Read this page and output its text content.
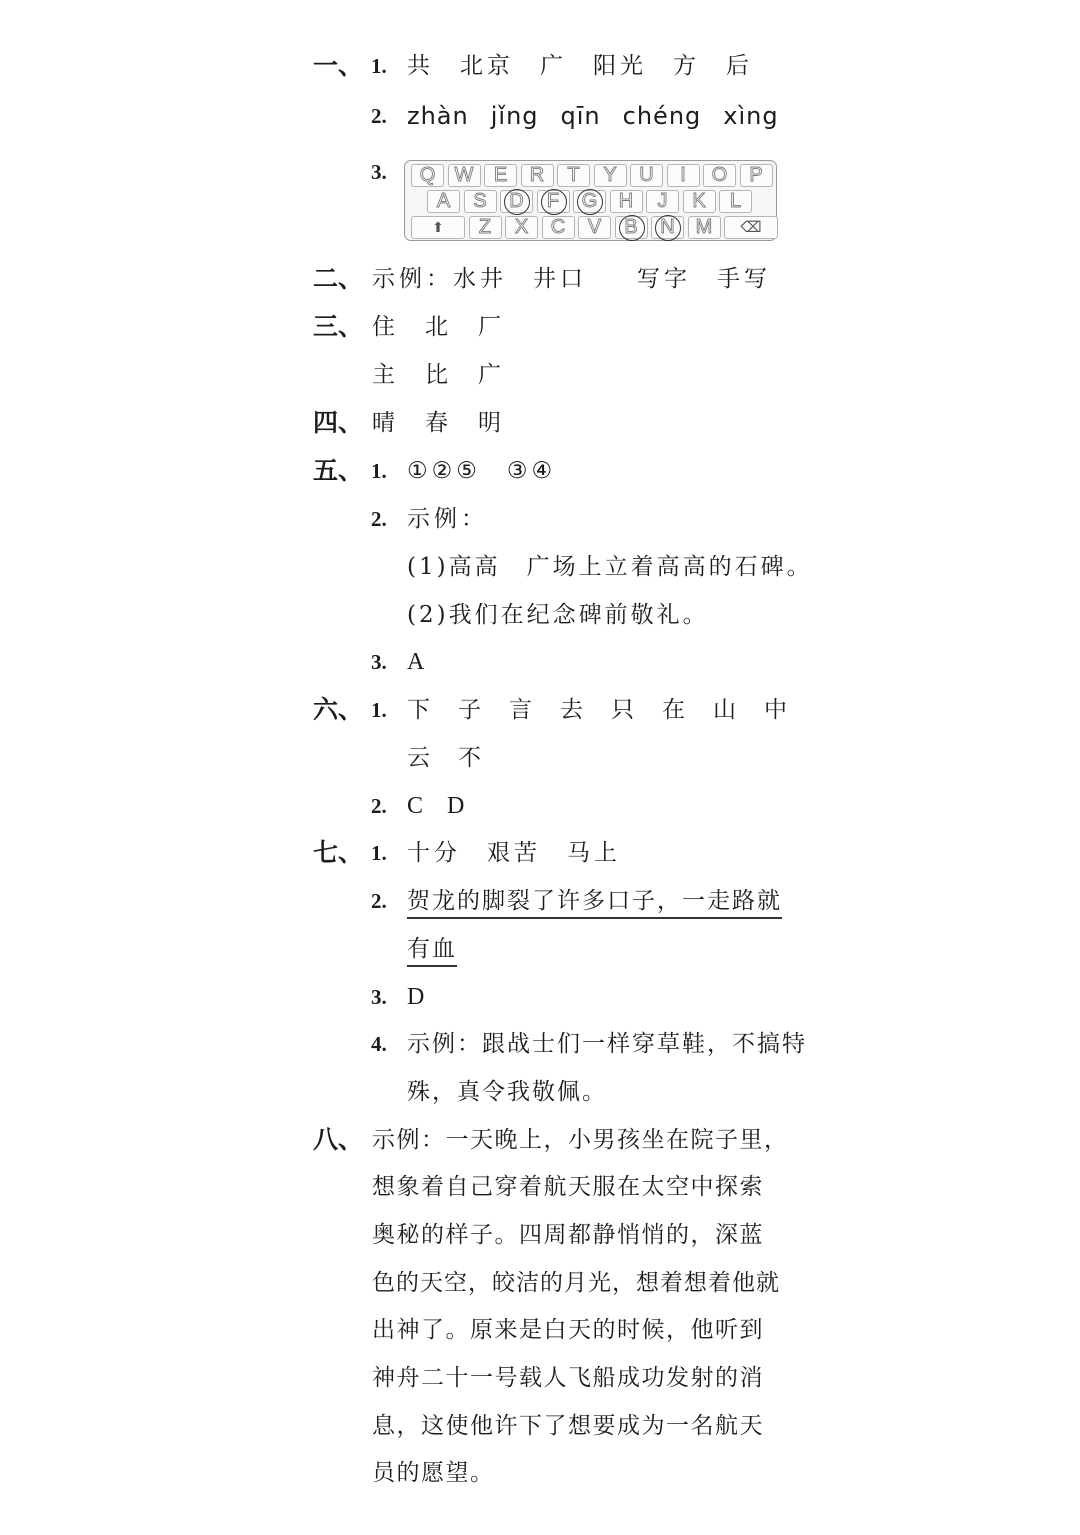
一、 1. 共 北京 广 阳光 方 后
2. zhàn jǐng qīn chéng xìng
3.	Q W	E	R	T	Y	U	I	O	P
A	S	D	F	G	H	J	K	L
⬆	Z	X	C	V	B	N	M	⌫
二、 示例：水井 井口 写字 手写
三、 住 北 厂
主 比 广
四、 晴 春 明
五、 1. ①②⑤ ③④
2. 示例：
(1)高高　广场上立着高高的石碑。
(2)我们在纪念碑前敬礼。
3. A
六、 1. 下 子 言 去 只 在 山 中
云 不
2. C　D
七、 1. 十分 艰苦 马上
2. 贺龙的脚裂了许多口子，一走路就
有血
3. D
4. 示例：跟战士们一样穿草鞋，不搞特
殊，真令我敬佩。
八、 示例：一天晚上，小男孩坐在院子里，
想象着自己穿着航天服在太空中探索
奥秘的样子。四周都静悄悄的，深蓝
色的天空，皎洁的月光，想着想着他就
出神了。原来是白天的时候，他听到
神舟二十一号载人飞船成功发射的消
息，这使他许下了想要成为一名航天
员的愿望。
